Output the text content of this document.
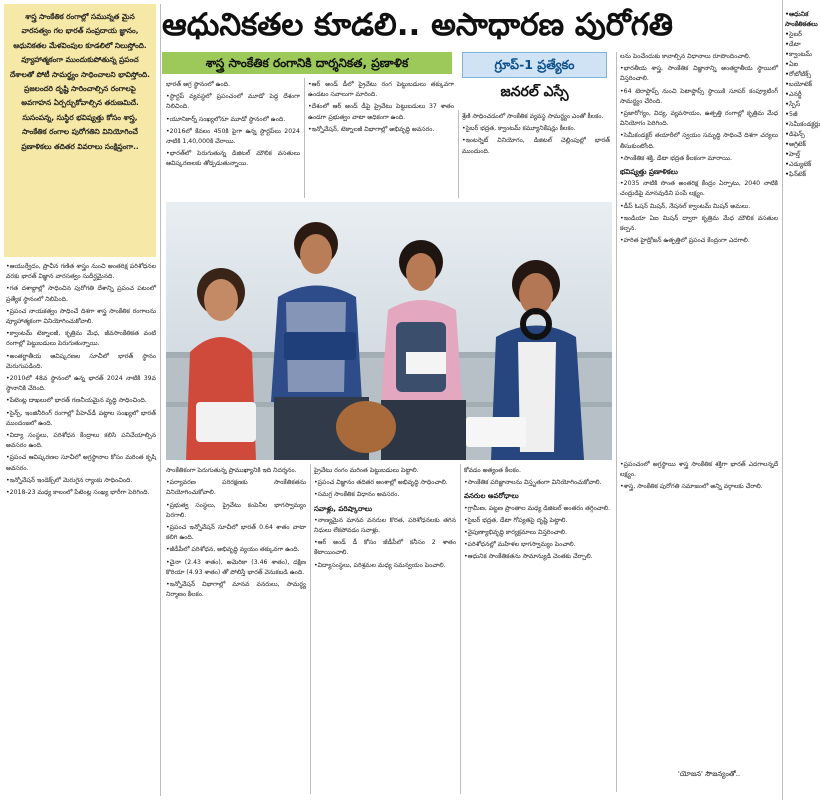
ఆధునికతల కూడలి.. అసాధారణ పురోగతి
శాస్త్ర సాంకేతిక రంగాల్లో సమున్నత మైన వారసత్వం గల భారత్ సంప్రదాయ జ్ఞానం, ఆధునికతల మేళవింపుల కూడలిలో నిలుస్తోంది. వ్యూహాత్మకంగా ముందుకుపోతున్న ప్రపంచ దేశాలతో పోటీ సామర్థ్యం సాధించాలని భావిస్తోంది. ప్రజలందరి దృష్టి సారించాల్సిన రంగాలపై అవగాహన ఏర్పర్చుకోవాల్సిన తరుణమిదే. సుసంపన్న, సుస్థిర భవిష్యత్తు కోసం శాస్త్ర, సాంకేతిక రంగాల పురోగతిని వినియోగించే ప్రణాళికలు తదితర వివరాలు సంక్షిప్తంగా..
శాస్త్ర సాంకేతిక రంగానికి దార్శనికత, ప్రణాళిక	గ్రూప్-1 ప్రత్యేకం
జనరల్ ఎస్సే

భారత్ అగ్ర స్థానంలో ఉంది.

• స్టార్టప్ వ్యవస్థలో ప్రపంచంలో మూడో పెద్ద దేశంగా నిలిచింది.

• యూనికార్న్ సంఖ్యలోనూ మూడో స్థానంలో ఉంది.

• 2016లో కేవలం 450కి పైగా ఉన్న స్టార్టప్‌లు 2024 నాటికి 1,40,000కి చేరాయి.

• భారత్‌లో పెరుగుతున్న డిజిటల్ మౌలిక వసతులు ఆవిష్కరణలకు తోడ్పడుతున్నాయి.

• ఆర్ అండ్ డీలో ప్రైవేటు రంగ పెట్టుబడులు తక్కువగా ఉండటం సవాలుగా మారింది.

• దేశంలో ఆర్ అండ్ డీపై ప్రైవేటు పెట్టుబడులు 37 శాతం ఉండగా ప్రభుత్వం వాటా అధికంగా ఉంది.

• ఇన్నోవేషన్, టెక్నాలజీ విభాగాల్లో అభివృద్ధి అవసరం.

శ్రేణి సాధించడంలో సాంకేతిక వ్యవస్థ సామర్థ్యం ఎంతో కీలకం.

• సైబర్ భద్రత, క్వాంటమ్ కమ్యూనికేషన్లు కీలకం.

• ఇంటర్నెట్ వినియోగం, డిజిటల్ చెల్లింపుల్లో భారత్ ముందుంది.

లను పెంచేందుకు కావాల్సిన విధానాలు రూపొందించాలి.

• భారతీయ శాస్త్ర, సాంకేతిక విజ్ఞానాన్ని అంతర్జాతీయ స్థాయిలో విస్తరించాలి.

• 64 టెరాఫ్లాప్స్ నుంచి పెటాఫ్లాప్స్ స్థాయికి సూపర్ కంప్యూటింగ్ సామర్థ్యం చేరింది.

• ప్రజారోగ్యం, విద్య, వ్యవసాయం, ఉత్పత్తి రంగాల్లో కృత్రిమ మేధ వినియోగం పెరిగింది.

• సెమీకండక్టర్ తయారీలో స్వయం సమృద్ధి సాధించే దిశగా చర్యలు తీసుకుంటోంది.

• సాంకేతిక శక్తి, డేటా భద్రత కీలకంగా మారాయి.

భవిష్యత్తు ప్రణాళికలు

• 2035 నాటికి సొంత అంతరిక్ష కేంద్రం ఏర్పాటు, 2040 నాటికి చంద్రుడిపై మానవుడిని పంపే లక్ష్యం.

• డీప్ ఓషన్ మిషన్, నేషనల్ క్వాంటమ్ మిషన్ అమలు.

• ఇండియా ఏఐ మిషన్ ద్వారా కృత్రిమ మేధ మౌలిక వసతుల కల్పన.

• హరిత హైడ్రోజన్ ఉత్పత్తిలో ప్రపంచ కేంద్రంగా ఎదగాలి.

• ప్రపంచంలో అగ్రస్థాయి శాస్త్ర సాంకేతిక శక్తిగా భారత్ ఎదగాలన్నదే లక్ష్యం.

• శాస్త్ర, సాంకేతిక పురోగతి సమాజంలో అన్ని వర్గాలకు చేరాలి.

'యోజన' సౌజన్యంతో..
• ఆధునిక సాంకేతికతలు
• సైబర్
• డేటా
• క్వాంటమ్
• ఏఐ
• రోబోటిక్స్
• బయోటెక్
• ఎనర్జీ
• స్పేస్
• 5జీ
• సెమీకండక్టర్లు
• డిఫెన్స్
• అగ్రిటెక్
• హెల్త్
• ఎడ్యుటెక్
• ఫిన్‌టెక్

• ఆయుర్వేదం, ప్రాచీన గణిత శాస్త్రం నుంచి అంతరిక్ష పరిశోధనల వరకు భారత్ విజ్ఞాన వారసత్వం సుదీర్ఘమైనది.

• గత దశాబ్దాల్లో సాధించిన పురోగతి దేశాన్ని ప్రపంచ పటంలో ప్రత్యేక స్థానంలో నిలిపింది.

• ప్రపంచ నాయకత్వం సాధించే దిశగా శాస్త్ర సాంకేతిక రంగాలను వ్యూహాత్మకంగా వినియోగించుకోవాలి.

• క్వాంటమ్ టెక్నాలజీ, కృత్రిమ మేధ, జీవసాంకేతికత వంటి రంగాల్లో పెట్టుబడులు పెరుగుతున్నాయి.

• అంతర్జాతీయ ఆవిష్కరణల సూచీలో భారత్ స్థానం మెరుగుపడింది.

• 2010లో 48వ స్థానంలో ఉన్న భారత్ 2024 నాటికి 39వ స్థానానికి చేరింది.

• పేటెంట్ల దాఖలులో భారత్ గణనీయమైన వృద్ధి సాధించింది.

• సైన్స్, ఇంజినీరింగ్ రంగాల్లో పీహెచ్‌డీ పట్టాల సంఖ్యలో భారత్ ముందంజలో ఉంది.

• విద్యా సంస్థలు, పరిశోధన కేంద్రాలు కలిసి పనిచేయాల్సిన అవసరం ఉంది.

• ప్రపంచ ఆవిష్కరణల సూచీలో అగ్రస్థానాల కోసం మరింత కృషి అవసరం.

• ఇన్నోవేషన్ ఇండెక్స్‌లో మెరుగైన ర్యాంకు సాధించింది.

• 2018-23 మధ్య కాలంలో పేటెంట్ల సంఖ్య భారీగా పెరిగింది.

సాంకేతికంగా పెరుగుతున్న ప్రాముఖ్యానికి ఇది నిదర్శనం.

• పర్యావరణ పరిరక్షణకు సాంకేతికతను వినియోగించుకోవాలి.

• ప్రభుత్వ సంస్థలు, ప్రైవేటు కంపెనీల భాగస్వామ్యం పెరగాలి.

• ప్రపంచ ఇన్నోవేషన్ సూచీలో భారత్ 0.64 శాతం వాటా కలిగి ఉంది.

• జీడీపీలో పరిశోధన, అభివృద్ధి వ్యయం తక్కువగా ఉంది.

• చైనా (2.43 శాతం), అమెరికా (3.46 శాతం), దక్షిణ కొరియా (4.93 శాతం) తో పోలిస్తే భారత్ వెనుకబడి ఉంది.

• ఇన్నోవేషన్ విభాగాల్లో మానవ వనరులు, సామర్థ్య నిర్మాణం కీలకం.

ప్రైవేటు రంగం మరింత పెట్టుబడులు పెట్టాలి.

• ప్రపంచ విజ్ఞానం తదితర అంశాల్లో అభివృద్ధి సాధించాలి.

• సమగ్ర సాంకేతిక విధానం అవసరం.

సవాళ్లు, పరిష్కారాలు

• నాణ్యమైన మానవ వనరుల కొరత, పరిశోధనలకు తగిన నిధులు లేకపోవడం సవాళ్లు.

• ఆర్ అండ్ డీ కోసం జీడీపీలో కనీసం 2 శాతం కేటాయించాలి.

• విద్యాసంస్థలు, పరిశ్రమల మధ్య సమన్వయం పెంచాలి.

కోవడం అత్యంత కీలకం.

• సాంకేతిక పరిజ్ఞానాలను విస్తృతంగా వినియోగించుకోవాలి.

వనరుల అవరోధాలు

• గ్రామీణ, పట్టణ ప్రాంతాల మధ్య డిజిటల్ అంతరం తగ్గించాలి.

• సైబర్ భద్రత, డేటా గోప్యతపై దృష్టి పెట్టాలి.

• నైపుణ్యాభివృద్ధి కార్యక్రమాలు విస్తరించాలి.

• పరిశోధనల్లో మహిళల భాగస్వామ్యం పెంచాలి.

• ఆధునిక సాంకేతికతను సామాన్యుడి చెంతకు చేర్చాలి.
